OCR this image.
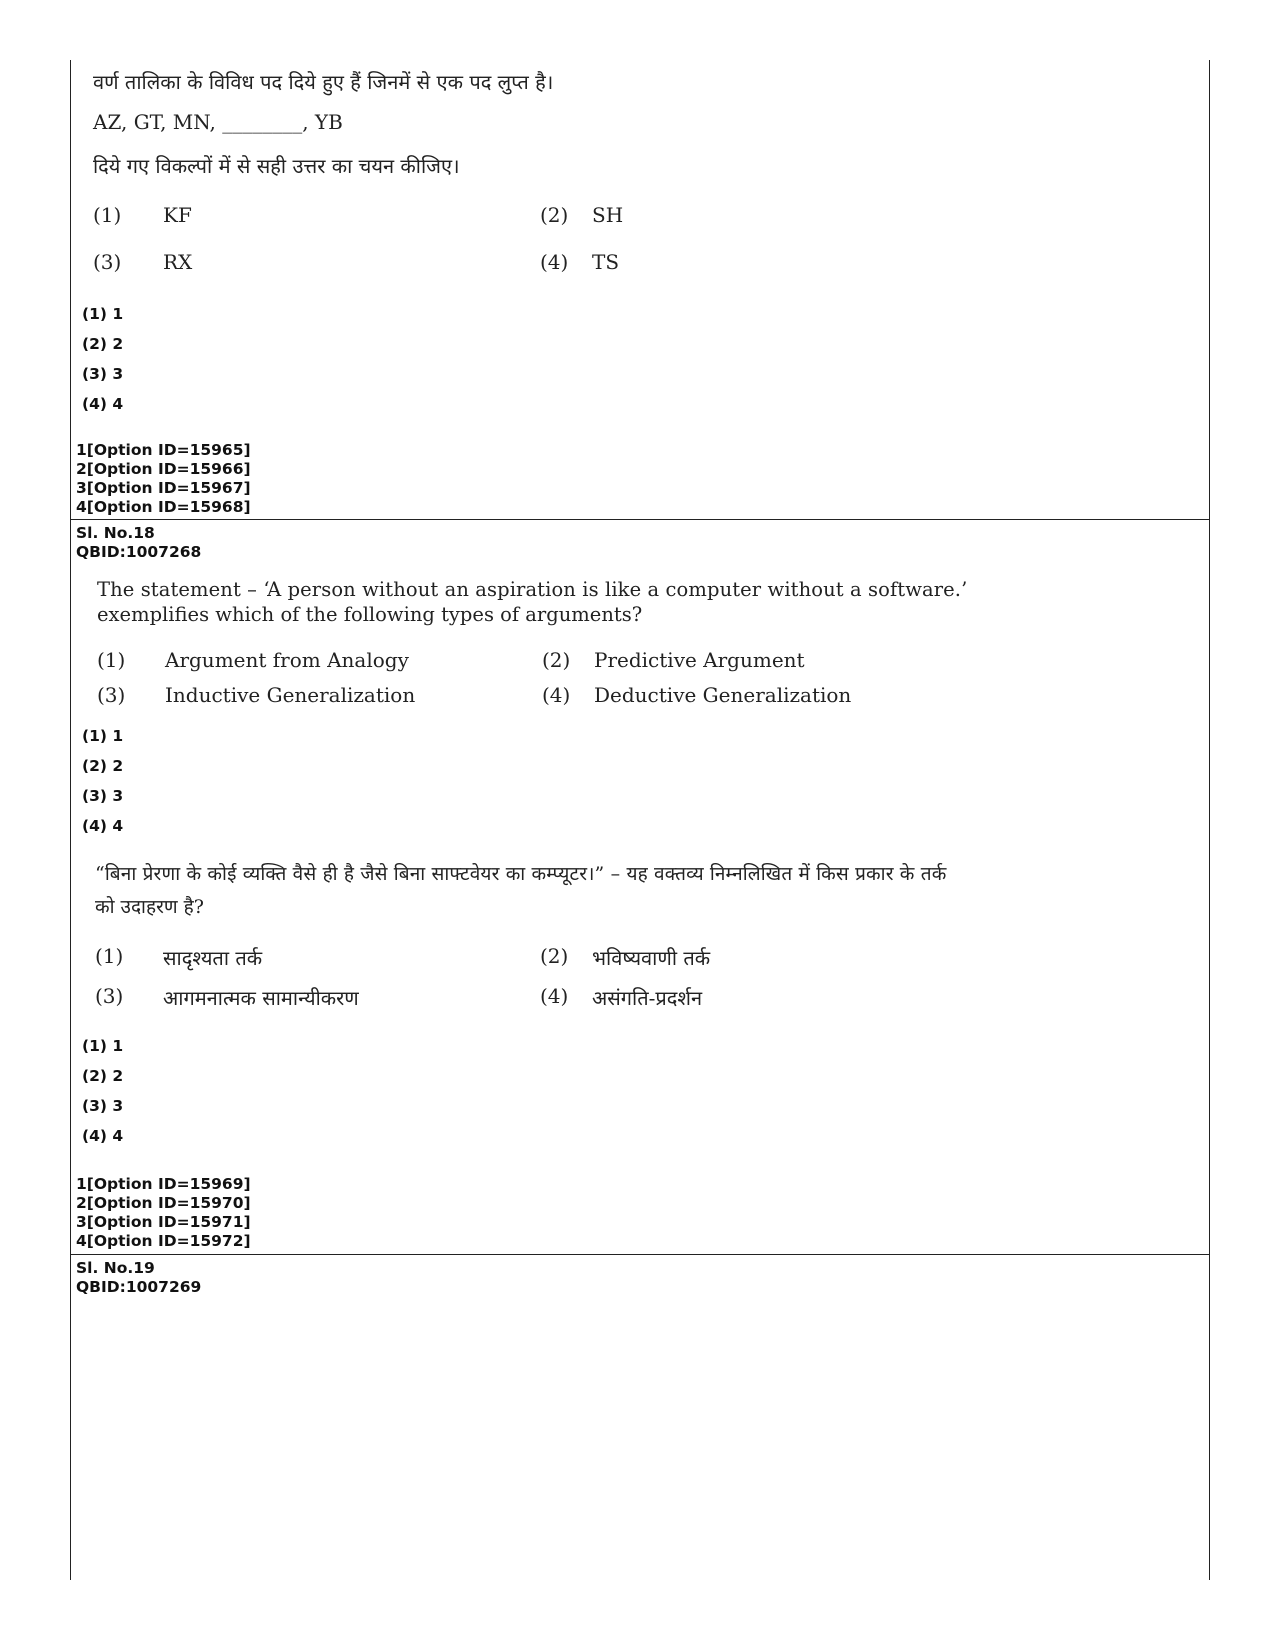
वर्ण तालिका के विविध पद दिये हुए हैं जिनमें से एक पद लुप्त है।
AZ, GT, MN, ________, YB
दिये गए विकल्पों में से सही उत्तर का चयन कीजिए।
(1) KF	(2) SH
(3) RX	(4) TS
(1) 1
(2) 2
(3) 3
(4) 4
1[Option ID=15965]
2[Option ID=15966]
3[Option ID=15967]
4[Option ID=15968]
Sl. No.18
QBID:1007268
The statement – ‘A person without an aspiration is like a computer without a software.’
exemplifies which of the following types of arguments?
(1) Argument from Analogy	(2) Predictive Argument
(3) Inductive Generalization	(4) Deductive Generalization
(1) 1
(2) 2
(3) 3
(4) 4
“बिना प्रेरणा के कोई व्यक्ति वैसे ही है जैसे बिना साफ्टवेयर का कम्प्यूटर।” – यह वक्तव्य निम्नलिखित में किस प्रकार के तर्क
को उदाहरण है?
(1) सादृश्यता तर्क	(2) भविष्यवाणी तर्क
(3) आगमनात्मक सामान्यीकरण	(4) असंगति-प्रदर्शन
(1) 1
(2) 2
(3) 3
(4) 4
1[Option ID=15969]
2[Option ID=15970]
3[Option ID=15971]
4[Option ID=15972]
Sl. No.19
QBID:1007269
